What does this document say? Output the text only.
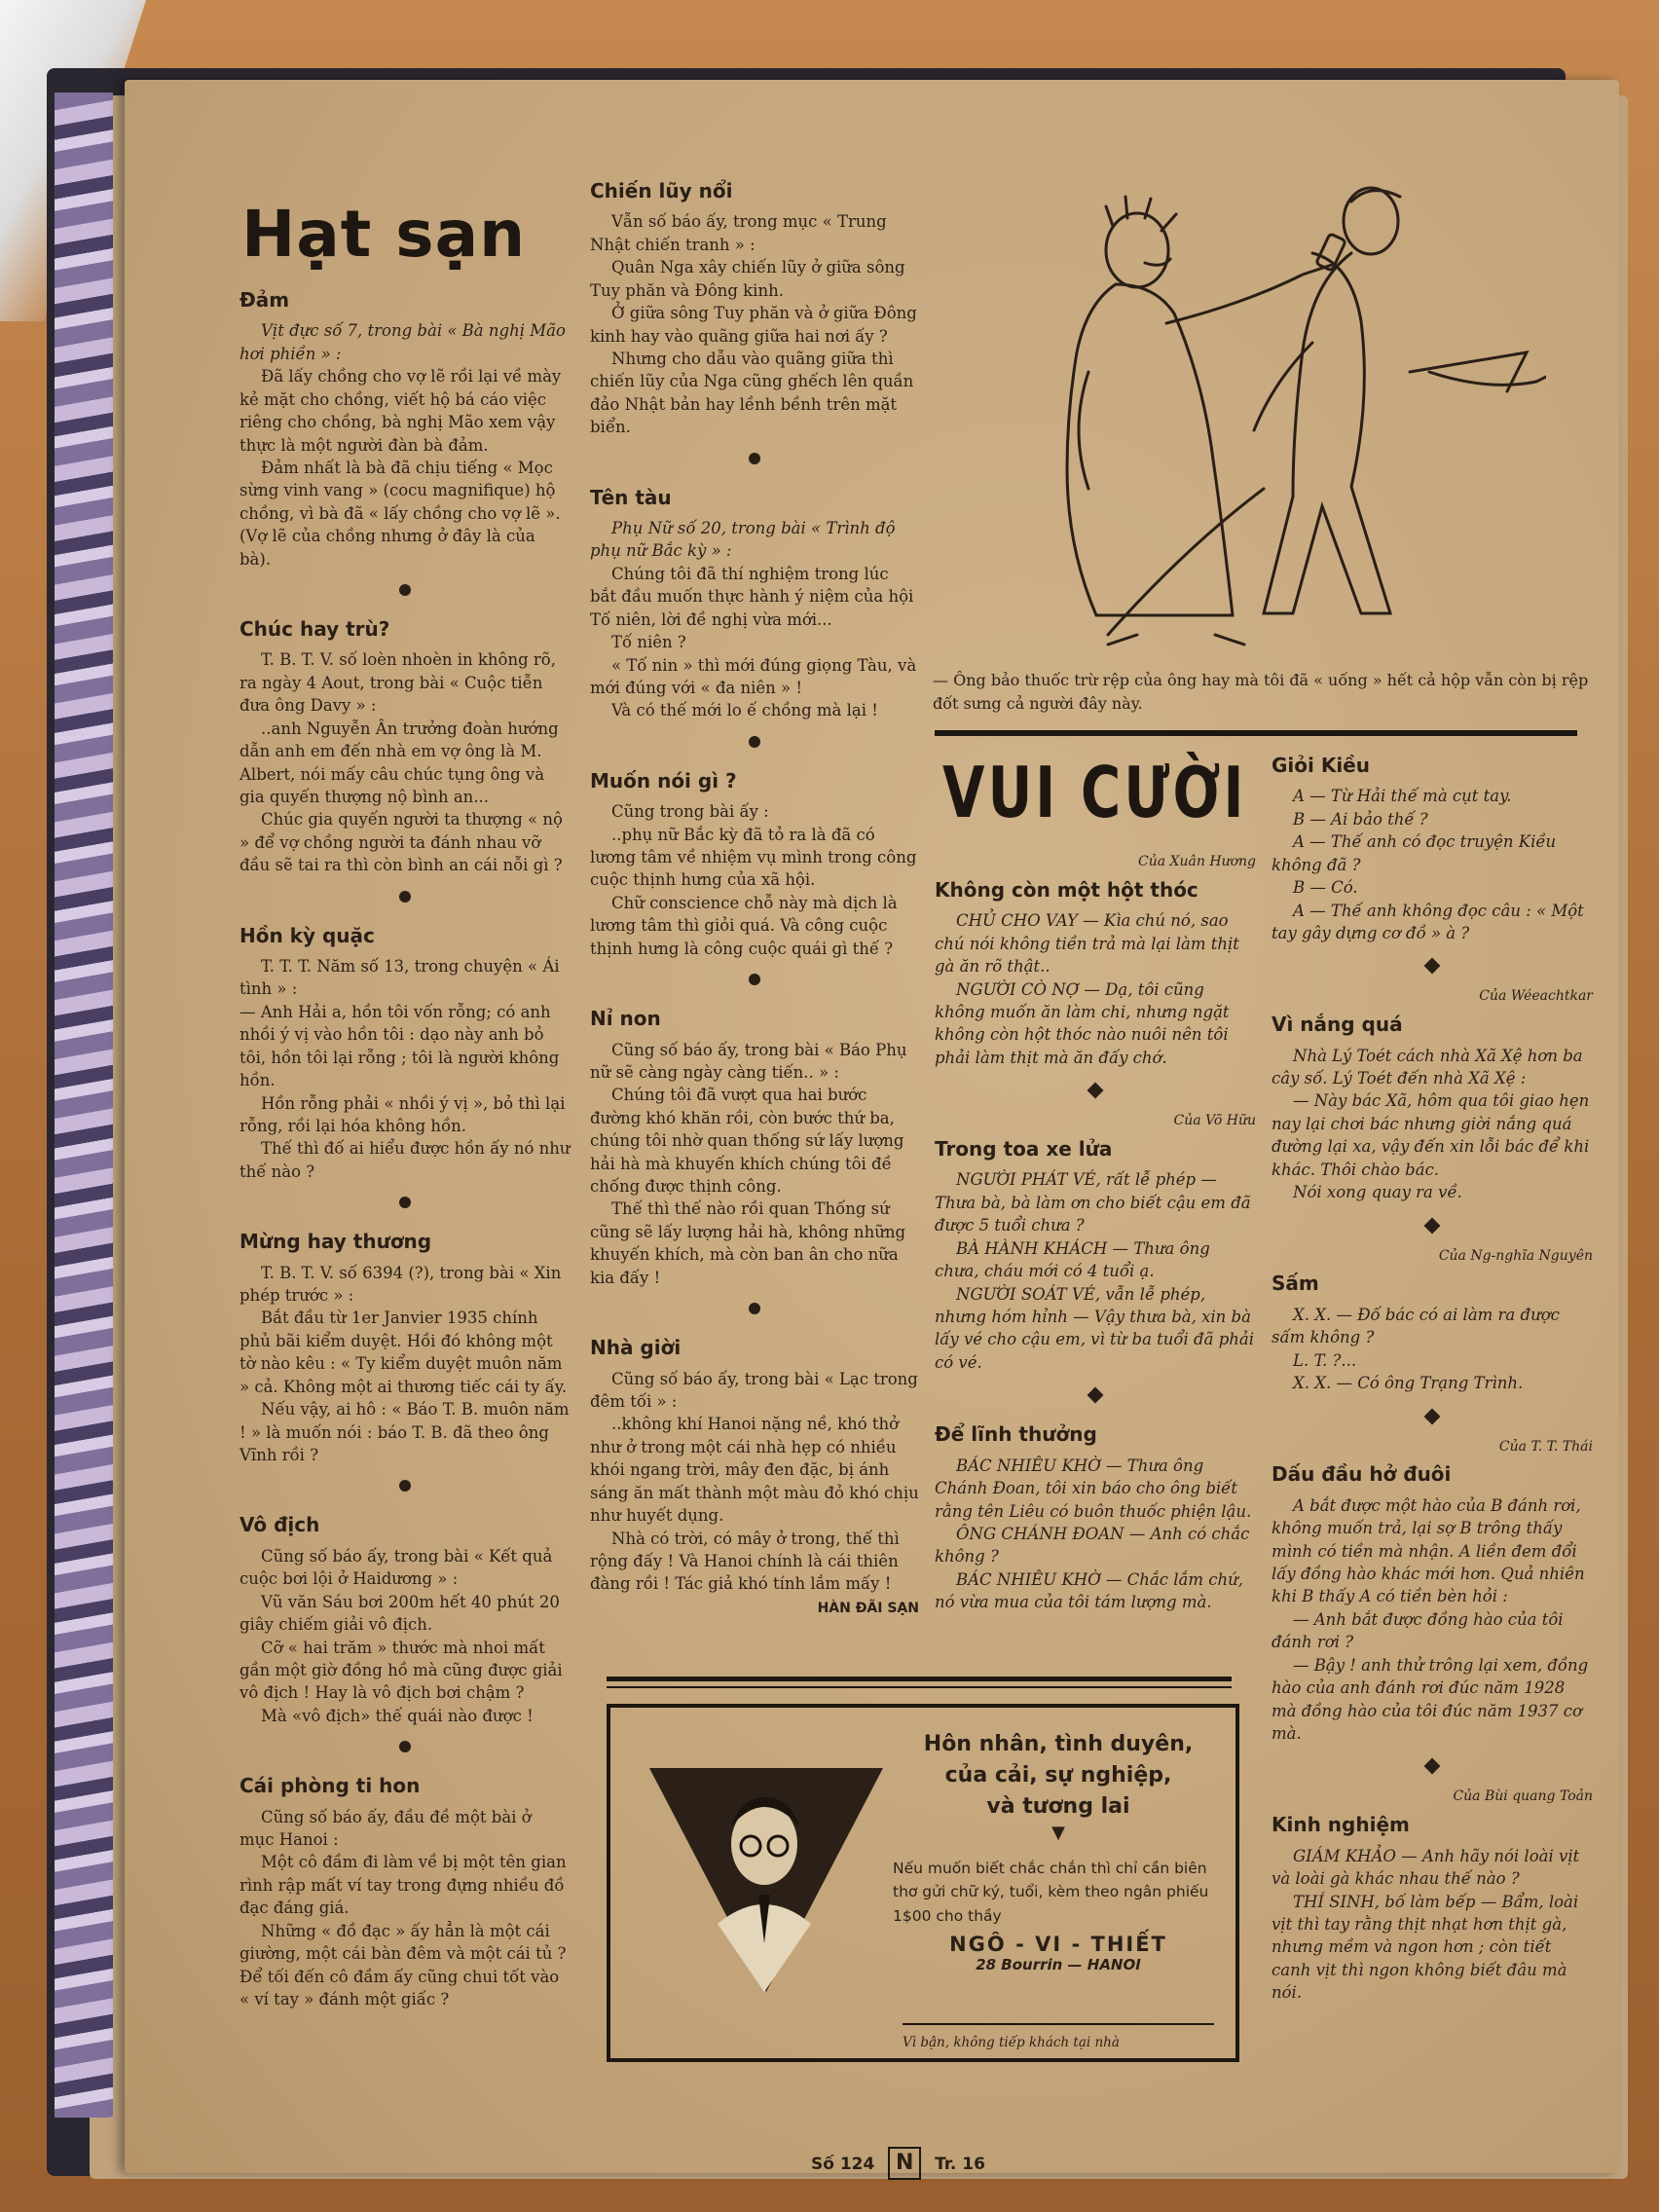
Hạt sạn
Đảm

Vịt đực số 7, trong bài « Bà nghị Mão hơi phiền » :

Đã lấy chồng cho vợ lẽ rồi lại về mày kẻ mặt cho chồng, viết hộ bá cáo việc riêng cho chồng, bà nghị Mão xem vậy thực là một người đàn bà đảm.

Đảm nhất là bà đã chịu tiếng « Mọc sừng vinh vang » (cocu magnifique) hộ chồng, vì bà đã « lấy chồng cho vợ lẽ ». (Vợ lẽ của chồng nhưng ở đây là của bà).

Chúc hay trù?

T. B. T. V. số loèn nhoèn in không rõ, ra ngày 4 Aout, trong bài « Cuộc tiễn đưa ông Davy » :

..anh Nguyễn Ân trưởng đoàn hướng dẫn anh em đến nhà em vợ ông là M. Albert, nói mấy câu chúc tụng ông và gia quyến thượng nộ bình an...

Chúc gia quyến người ta thượng « nộ » để vợ chồng người ta đánh nhau vỡ đầu sẽ tai ra thì còn bình an cái nỗi gì ?

Hồn kỳ quặc

T. T. T. Năm số 13, trong chuyện « Ái tình » :

— Anh Hải a, hồn tôi vốn rỗng; có anh nhồi ý vị vào hồn tôi : dạo này anh bỏ tôi, hồn tôi lại rỗng ; tôi là người không hồn.

Hồn rỗng phải « nhồi ý vị », bỏ thì lại rỗng, rồi lại hóa không hồn.

Thế thì đố ai hiểu được hồn ấy nó như thế nào ?

Mừng hay thương

T. B. T. V. số 6394 (?), trong bài « Xin phép trước » :

Bắt đầu từ 1er Janvier 1935 chính phủ bãi kiểm duyệt. Hồi đó không một tờ nào kêu : « Ty kiểm duyệt muôn năm » cả. Không một ai thương tiếc cái ty ấy.

Nếu vậy, ai hô : « Báo T. B. muôn năm ! » là muốn nói : báo T. B. đã theo ông Vĩnh rồi ?

Vô địch

Cũng số báo ấy, trong bài « Kết quả cuộc bơi lội ở Haidương » :

Vũ văn Sáu bơi 200m hết 40 phút 20 giây chiếm giải vô địch.

Cỡ « hai trăm » thước mà nhoi mất gần một giờ đồng hồ mà cũng được giải vô địch ! Hay là vô địch bơi chậm ?

Mà «vô địch» thế quái nào được !

Cái phòng ti hon

Cũng số báo ấy, đầu đề một bài ở mục Hanoi :

Một cô đầm đi làm về bị một tên gian rình rập mất ví tay trong đựng nhiều đồ đạc đáng giá.

Những « đồ đạc » ấy hẳn là một cái giường, một cái bàn đêm và một cái tủ ? Để tối đến cô đầm ấy cũng chui tốt vào « ví tay » đánh một giấc ?

Chiến lũy nổi

Vẫn số báo ấy, trong mục « Trung Nhật chiến tranh » :

Quân Nga xây chiến lũy ở giữa sông Tuy phăn và Đông kinh.

Ở giữa sông Tuy phăn và ở giữa Đông kinh hay vào quãng giữa hai nơi ấy ?

Nhưng cho dẫu vào quãng giữa thì chiến lũy của Nga cũng ghếch lên quần đảo Nhật bản hay lềnh bềnh trên mặt biển.

Tên tàu

Phụ Nữ số 20, trong bài « Trình độ phụ nữ Bắc kỳ » :

Chúng tôi đã thí nghiệm trong lúc bắt đầu muốn thực hành ý niệm của hội Tố niên, lời đề nghị vừa mới...

Tố niên ?

« Tố nin » thì mới đúng giọng Tàu, và mới đúng với « đa niên » !

Và có thế mới lo ế chồng mà lại !

Muốn nói gì ?

Cũng trong bài ấy :

..phụ nữ Bắc kỳ đã tỏ ra là đã có lương tâm về nhiệm vụ mình trong công cuộc thịnh hưng của xã hội.

Chữ conscience chỗ này mà dịch là lương tâm thì giỏi quá. Và công cuộc thịnh hưng là công cuộc quái gì thế ?

Nỉ non

Cũng số báo ấy, trong bài « Báo Phụ nữ sẽ càng ngày càng tiến.. » :

Chúng tôi đã vượt qua hai bước đường khó khăn rồi, còn bước thứ ba, chúng tôi nhờ quan thống sứ lấy lượng hải hà mà khuyến khích chúng tôi đề chống được thịnh công.

Thế thì thế nào rồi quan Thống sứ cũng sẽ lấy lượng hải hà, không những khuyến khích, mà còn ban ân cho nữa kia đấy !

Nhà giời

Cũng số báo ấy, trong bài « Lạc trong đêm tối » :

..không khí Hanoi nặng nề, khó thở như ở trong một cái nhà hẹp có nhiều khói ngang trời, mây đen đặc, bị ánh sáng ăn mất thành một màu đỏ khó chịu như huyết dụng.

Nhà có trời, có mây ở trong, thế thì rộng đấy ! Và Hanoi chính là cái thiên đàng rồi ! Tác giả khó tính lắm mấy !

HÀN ĐÃI SẠN
— Ông bảo thuốc trừ rệp của ông hay mà tôi đã « uống » hết cả hộp vẫn còn bị rệp đốt sưng cả người đây này.
VUI CƯỜI
Của Xuân Hương
Không còn một hột thóc

CHỦ CHO VAY — Kìa chú nó, sao chú nói không tiền trả mà lại làm thịt gà ăn rõ thật..

NGƯỜI CÒ NỢ — Dạ, tôi cũng không muốn ăn làm chi, nhưng ngặt không còn hột thóc nào nuôi nên tôi phải làm thịt mà ăn đấy chớ.

Của Võ Hữu
Trong toa xe lửa

NGƯỜI PHÁT VÉ, rất lễ phép — Thưa bà, bà làm ơn cho biết cậu em đã được 5 tuổi chưa ?

BÀ HÀNH KHÁCH — Thưa ông chưa, cháu mới có 4 tuổi ạ.

NGƯỜI SOÁT VÉ, vẫn lễ phép, nhưng hóm hỉnh — Vậy thưa bà, xin bà lấy vé cho cậu em, vì từ ba tuổi đã phải có vé.

Để lĩnh thưởng

BÁC NHIÊU KHỜ — Thưa ông Chánh Đoan, tôi xin báo cho ông biết rằng tên Liêu có buôn thuốc phiện lậu.

ÔNG CHÁNH ĐOAN — Anh có chắc không ?

BÁC NHIÊU KHỜ — Chắc lắm chứ, nó vừa mua của tôi tám lượng mà.

Giỏi Kiều

A — Từ Hải thế mà cụt tay.

B — Ai bảo thế ?

A — Thế anh có đọc truyện Kiều không đã ?

B — Có.

A — Thế anh không đọc câu : « Một tay gây dựng cơ đồ » à ?

Của Wéeachtkar
Vì nắng quá

Nhà Lý Toét cách nhà Xã Xệ hơn ba cây số. Lý Toét đến nhà Xã Xệ :

— Này bác Xã, hôm qua tôi giao hẹn nay lại chơi bác nhưng giời nắng quá đường lại xa, vậy đến xin lỗi bác để khi khác. Thôi chào bác.

Nói xong quay ra về.

Của Ng-nghĩa Nguyên
Sấm

X. X. — Đố bác có ai làm ra được sấm không ?

L. T. ?...

X. X. — Có ông Trạng Trình.

Của T. T. Thái
Dấu đầu hở đuôi

A bắt được một hào của B đánh rơi, không muốn trả, lại sợ B trông thấy mình có tiền mà nhận. A liền đem đổi lấy đồng hào khác mới hơn. Quả nhiên khi B thấy A có tiền bèn hỏi :

— Anh bắt được đồng hào của tôi đánh rơi ?

— Bậy ! anh thử trông lại xem, đồng hào của anh đánh rơi đúc năm 1928 mà đồng hào của tôi đúc năm 1937 cơ mà.

Của Bùi quang Toản
Kinh nghiệm

GIÁM KHẢO — Anh hãy nói loài vịt và loài gà khác nhau thế nào ?

THÍ SINH, bố làm bếp — Bẩm, loài vịt thì tay rằng thịt nhạt hơn thịt gà, nhưng mềm và ngon hơn ; còn tiết canh vịt thì ngon không biết đâu mà nói.

Hôn nhân, tình duyên,
của cải, sự nghiệp,
và tương lai
▼
Nếu muốn biết chắc chắn thì chỉ cần biên thơ gửi chữ ký, tuổi, kèm theo ngân phiếu 1$00 cho thầy
NGÔ - VI - THIẾT
28 Bourrin — HANOI
Vì bận, không tiếp khách tại nhà
Số 124 N Tr. 16
